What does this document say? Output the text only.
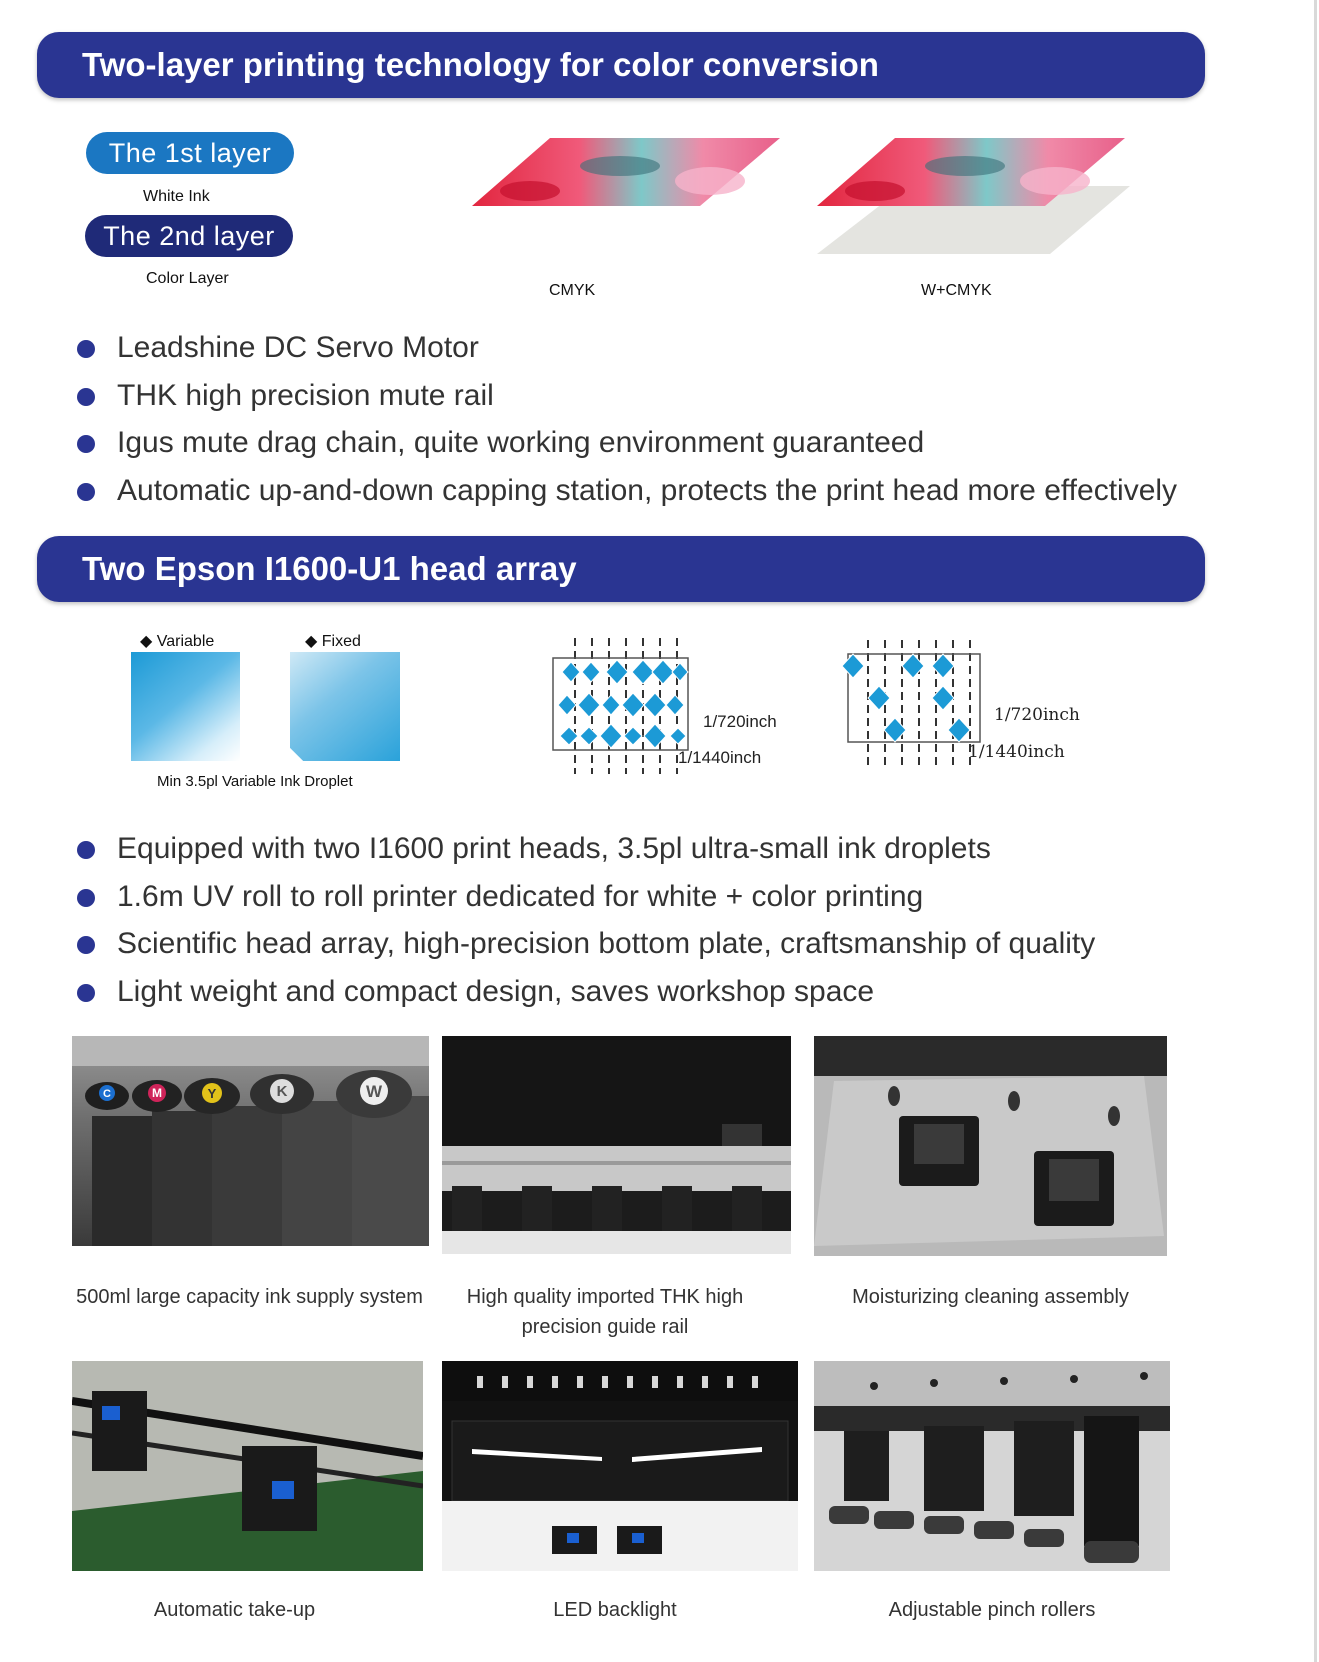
Two-layer printing technology for color conversion
The 1st layer
White Ink
The 2nd layer
Color Layer
CMYK	W+CMYK
Leadshine DC Servo Motor
THK high precision mute rail
Igus mute drag chain, quite working environment guaranteed
Automatic up-and-down capping station, protects the print head more effectively
Two Epson I1600-U1 head array
◆ Variable	◆ Fixed
Min 3.5pl Variable Ink Droplet
1/720inch
1/1440inch
1/720inch
1/1440inch
Equipped with two I1600 print heads, 3.5pl ultra-small ink droplets
1.6m UV roll to roll printer dedicated for white + color printing
Scientific head array, high-precision bottom plate, craftsmanship of quality
Light weight and compact design, saves workshop space
C	M	Y	K	W
500ml large capacity ink supply system	High quality imported THK high
precision guide rail
Moisturizing cleaning assembly
Automatic take-up	LED backlight	Adjustable pinch rollers
